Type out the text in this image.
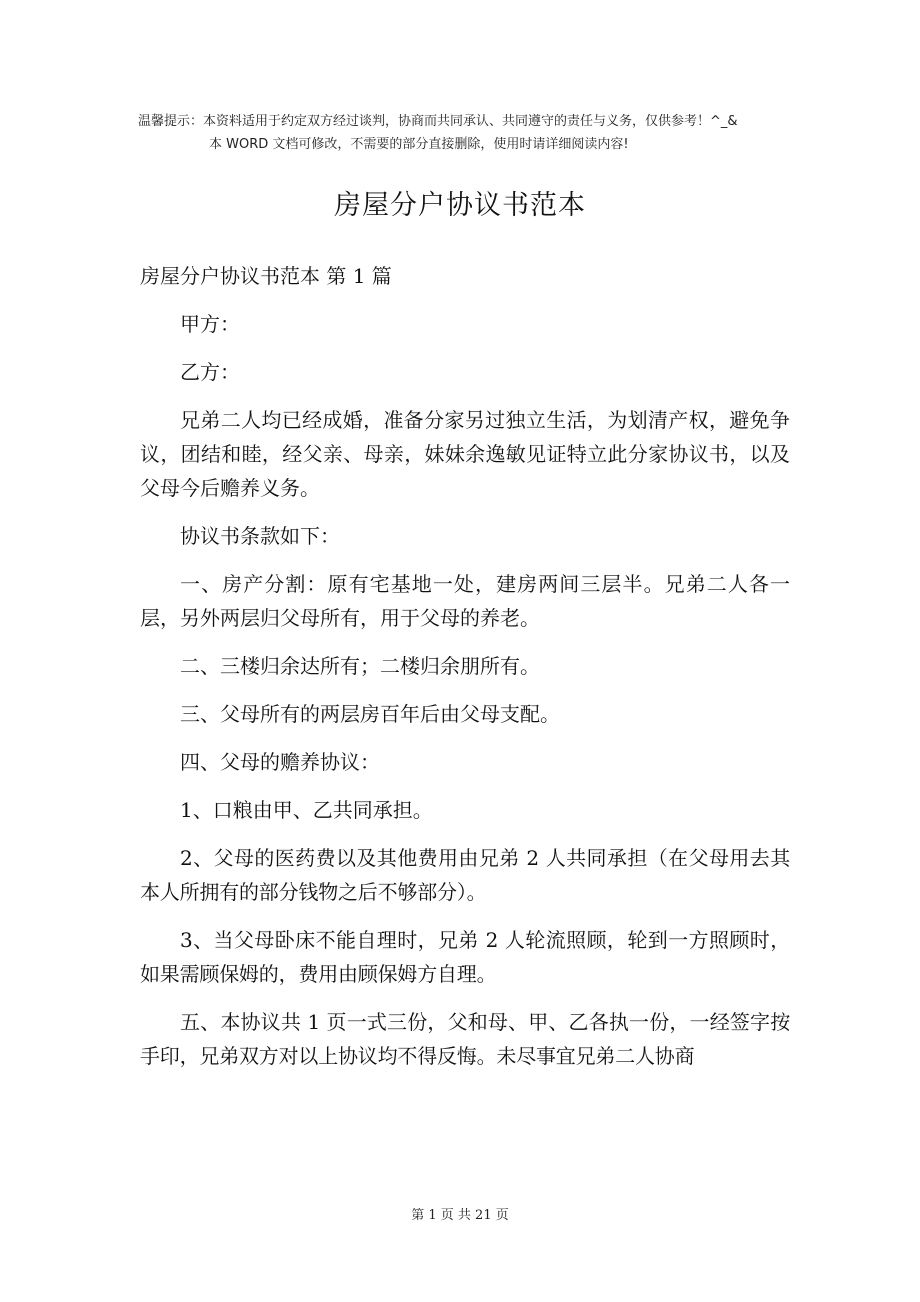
温馨提示：本资料适用于约定双方经过谈判，协商而共同承认、共同遵守的责任与义务，仅供参考！^_&
本 WORD 文档可修改，不需要的部分直接删除，使用时请详细阅读内容!
房屋分户协议书范本
房屋分户协议书范本 第 1 篇

甲方：

乙方：

兄弟二人均已经成婚，准备分家另过独立生活，为划清产权，避免争议，团结和睦，经父亲、母亲，妹妹余逸敏见证特立此分家协议书，以及父母今后赡养义务。

协议书条款如下：

一、房产分割：原有宅基地一处，建房两间三层半。兄弟二人各一层，另外两层归父母所有，用于父母的养老。

二、三楼归余达所有；二楼归余朋所有。

三、父母所有的两层房百年后由父母支配。

四、父母的赡养协议：

1、口粮由甲、乙共同承担。

2、父母的医药费以及其他费用由兄弟 2 人共同承担（在父母用去其本人所拥有的部分钱物之后不够部分）。

3、当父母卧床不能自理时，兄弟 2 人轮流照顾，轮到一方照顾时，如果需顾保姆的，费用由顾保姆方自理。

五、本协议共 1 页一式三份，父和母、甲、乙各执一份，一经签字按手印，兄弟双方对以上协议均不得反悔。未尽事宜兄弟二人协商

第 1 页 共 21 页
